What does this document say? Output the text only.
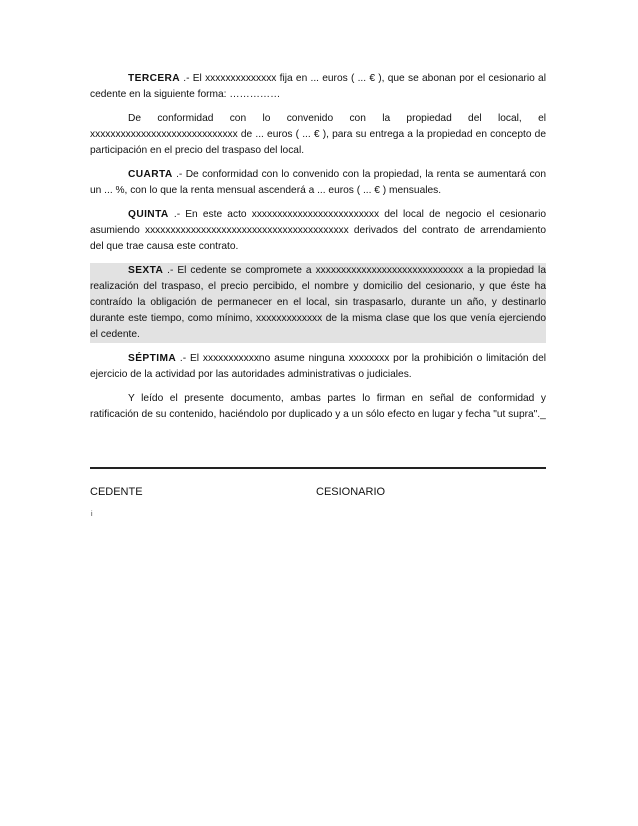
TERCERA .- El xxxxxxxxxxxxxx fija en ... euros ( ... € ), que se abonan por el cesionario al cedente en la siguiente forma: ……………

De conformidad con lo convenido con la propiedad del local, el xxxxxxxxxxxxxxxxxxxxxxxxxxxxx de ... euros ( ... € ), para su entrega a la propiedad en concepto de participación en el precio del traspaso del local.

CUARTA .- De conformidad con lo convenido con la propiedad, la renta se aumentará con un ... %, con lo que la renta mensual ascenderá a ... euros ( ... € ) mensuales.

QUINTA .- En este acto xxxxxxxxxxxxxxxxxxxxxxxxx del local de negocio el cesionario asumiendo xxxxxxxxxxxxxxxxxxxxxxxxxxxxxxxxxxxxxxxx derivados del contrato de arrendamiento del que trae causa este contrato.

SEXTA .- El cedente se compromete a xxxxxxxxxxxxxxxxxxxxxxxxxxxxx a la propiedad la realización del traspaso, el precio percibido, el nombre y domicilio del cesionario, y que éste ha contraído la obligación de permanecer en el local, sin traspasarlo, durante un año, y destinarlo durante este tiempo, como mínimo, xxxxxxxxxxxxx de la misma clase que los que venía ejerciendo el cedente.

SÉPTIMA .- El xxxxxxxxxxxno asume ninguna xxxxxxxx por la prohibición o limitación del ejercicio de la actividad por las autoridades administrativas o judiciales.

Y leído el presente documento, ambas partes lo firman en señal de conformidad y ratificación de su contenido, haciéndolo por duplicado y a un sólo efecto en lugar y fecha "ut supra"._

CEDENTE	CESIONARIO
i
